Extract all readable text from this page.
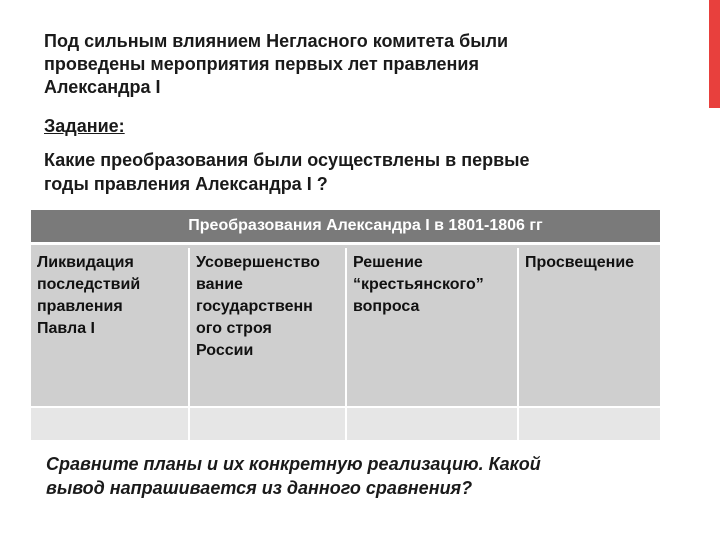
Под сильным влиянием Негласного комитета были
проведены мероприятия первых лет правления
Александра I
Задание:
Какие преобразования были осуществлены в первые
годы правления Александра I ?
Преобразования Александра I в 1801-1806 гг
Ликвидация
последствий
правления
Павла I
Усовершенство
вание
государственн
ого строя
России
Решение
“крестьянского”
вопроса
Просвещение
Сравните планы и их конкретную реализацию. Какой
вывод напрашивается из данного сравнения?
